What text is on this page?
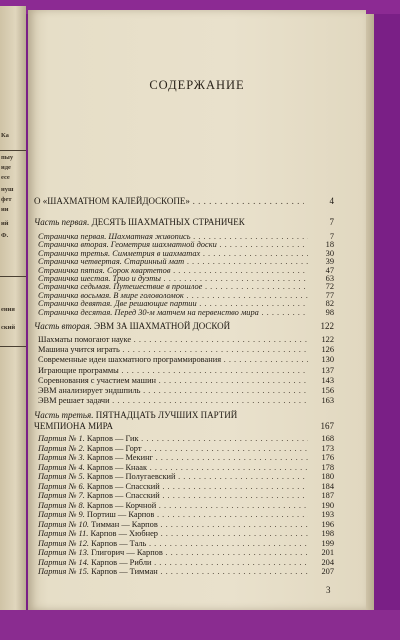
Ка
пыу
иде
есе
нуш
фет
ии
ения
ий
ский
Ф.
СОДЕРЖАНИЕ
О «ШАХМАТНОМ КАЛЕЙДОСКОПЕ» . . .	4
Часть первая. ДЕСЯТЬ ШАХМАТНЫХ СТРАНИЧЕК	7
Страничка первая. Шахматная живопись . . .	7
Страничка вторая. Геометрия шахматной доски . . .	18
Страничка третья. Симметрия в шахматах . . .	30
Страничка четвертая. Старинный мат . . .	39
Страничка пятая. Сорок квартетов . . .	47
Страничка шестая. Трио и дуэты . . .	63
Страничка седьмая. Путешествие в прошлое . . .	72
Страничка восьмая. В мире головоломок . . .	77
Страничка девятая. Две решающие партии . . .	82
Страничка десятая. Перед 30-м матчем на первенство мира . . .	98
Часть вторая. ЭВМ ЗА ШАХМАТНОЙ ДОСКОЙ	122
Шахматы помогают науке . . .	122
Машина учится играть . . .	126
Современные идеи шахматного программирования . . .	130
Играющие программы . . .	137
Соревнования с участием машин . . .	143
ЭВМ анализирует эндшпиль . . .	156
ЭВМ решает задачи . . .	163
Часть третья. ПЯТНАДЦАТЬ ЛУЧШИХ ПАРТИЙ
ЧЕМПИОНА МИРА	167
Партия № 1. Карпов — Гик . . .	168
Партия № 2. Карпов — Горт . . .	173
Партия № 3. Карпов — Мекинг . . .	176
Партия № 4. Карпов — Кнаак . . .	178
Партия № 5. Карпов — Полугаевский . . .	180
Партия № 6. Карпов — Спасский . . .	184
Партия № 7. Карпов — Спасский . . .	187
Партия № 8. Карпов — Корчной . . .	190
Партия № 9. Портиш — Карпов . . .	193
Партия № 10. Тимман — Карпов . . .	196
Партия № 11. Карпов — Хюбнер . . .	198
Партия № 12. Карпов — Таль . . .	199
Партия № 13. Глигорич — Карпов . . .	201
Партия № 14. Карпов — Рибли . . .	204
Партия № 15. Карпов — Тимман . . .	207
3
